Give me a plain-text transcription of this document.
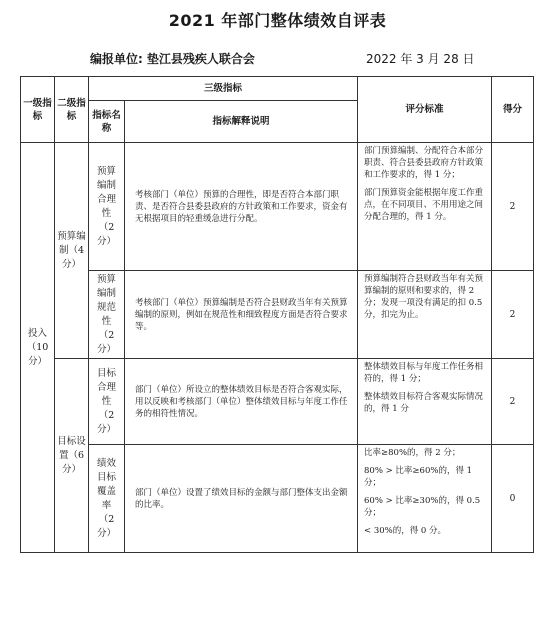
2021 年部门整体绩效自评表
编报单位: 垫江县残疾人联合会	2022 年 3 月 28 日
一级指标	二级指标	三级指标		评分标准	得分
		指标名称	指标解释说明		
投入（10分）	预算编制（4分）	预算编制合理性（2分）	考核部门（单位）预算的合理性，即是否符合本部门职责、是否符合县委县政府的方针政策和工作要求，资金有无根据项目的轻重缓急进行分配。	部门预算编制、分配符合本部分职责、符合县委县政府方针政策和工作要求的，得 1 分；

部门预算资金能根据年度工作重点，在不同项目、不用用途之间分配合理的，得 1 分。	2
		预算编制规范性（2分）	考核部门（单位）预算编制是否符合县财政当年有关预算编制的原则，例如在规范性和细致程度方面是否符合要求等。	预算编制符合县财政当年有关预算编制的原则和要求的，得 2 分；发现一项没有满足的扣 0.5 分，扣完为止。	2
	目标设置（6分）	目标合理性（2分）	部门（单位）所设立的整体绩效目标是否符合客观实际，用以反映和考核部门（单位）整体绩效目标与年度工作任务的相符性情况。	整体绩效目标与年度工作任务相符的，得 1 分；

整体绩效目标符合客观实际情况的，得 1 分	2
		绩效目标覆盖率（2分）	部门（单位）设置了绩效目标的金额与部门整体支出金额的比率。	比率≥80%的，得 2 分；

80% > 比率≥60%的，得 1 分；

60% > 比率≥30%的，得 0.5 分；

< 30%的，得 0 分。	0
